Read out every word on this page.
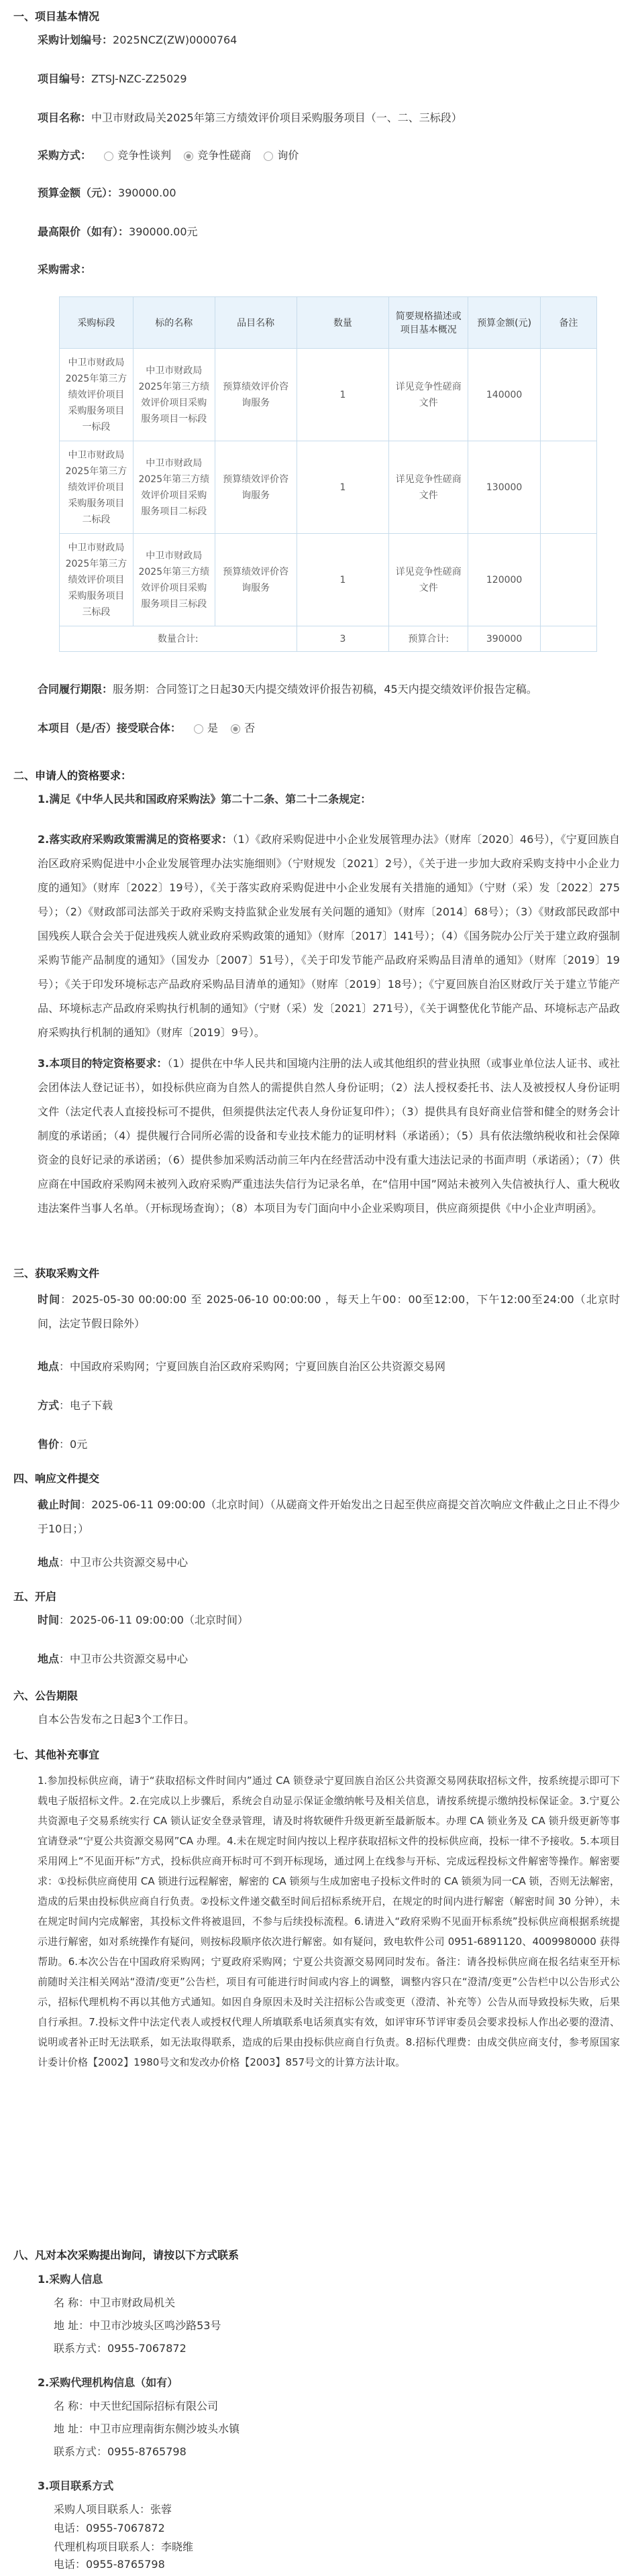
一、项目基本情况
采购计划编号：2025NCZ(ZW)0000764
项目编号：ZTSJ-NZC-Z25029
项目名称：中卫市财政局关2025年第三方绩效评价项目采购服务项目（一、二、三标段）
采购方式： 竞争性谈判 竞争性磋商 询价
预算金额（元）：390000.00
最高限价（如有）：390000.00元
采购需求：
采购标段	标的名称	品目名称	数量	简要规格描述或项目基本概况	预算金额(元)	备注
中卫市财政局2025年第三方绩效评价项目采购服务项目一标段	中卫市财政局2025年第三方绩效评价项目采购服务项目一标段	预算绩效评价咨询服务	1	详见竞争性磋商文件	140000	
中卫市财政局2025年第三方绩效评价项目采购服务项目二标段	中卫市财政局2025年第三方绩效评价项目采购服务项目二标段	预算绩效评价咨询服务	1	详见竞争性磋商文件	130000	
中卫市财政局2025年第三方绩效评价项目采购服务项目三标段	中卫市财政局2025年第三方绩效评价项目采购服务项目三标段	预算绩效评价咨询服务	1	详见竞争性磋商文件	120000	
数量合计:			3	预算合计:	390000	
合同履行期限：服务期：合同签订之日起30天内提交绩效评价报告初稿，45天内提交绩效评价报告定稿。
本项目（是/否）接受联合体： 是 否
二、申请人的资格要求：
1.满足《中华人民共和国政府采购法》第二十二条、第二十二条规定：
2.落实政府采购政策需满足的资格要求：（1）《政府采购促进中小企业发展管理办法》（财库〔2020〕46号），《宁夏回族自治区政府采购促进中小企业发展管理办法实施细则》（宁财规发〔2021〕2号），《关于进一步加大政府采购支持中小企业力度的通知》（财库〔2022〕19号），《关于落实政府采购促进中小企业发展有关措施的通知》（宁财（采）发〔2022〕275号）；（2）《财政部司法部关于政府采购支持监狱企业发展有关问题的通知》（财库〔2014〕68号）；（3）《财政部民政部中国残疾人联合会关于促进残疾人就业政府采购政策的通知》（财库〔2017〕141号）；（4）《国务院办公厅关于建立政府强制采购节能产品制度的通知》（国发办〔2007〕51号），《关于印发节能产品政府采购品目清单的通知》（财库〔2019〕19号）；《关于印发环境标志产品政府采购品目清单的通知》（财库〔2019〕18号）；《宁夏回族自治区财政厅关于建立节能产品、环境标志产品政府采购执行机制的通知》（宁财（采）发〔2021〕271号），《关于调整优化节能产品、环境标志产品政府采购执行机制的通知》（财库〔2019〕9号）。
3.本项目的特定资格要求：（1）提供在中华人民共和国境内注册的法人或其他组织的营业执照（或事业单位法人证书、或社会团体法人登记证书），如投标供应商为自然人的需提供自然人身份证明；（2）法人授权委托书、法人及被授权人身份证明文件（法定代表人直接投标可不提供，但须提供法定代表人身份证复印件）；（3）提供具有良好商业信誉和健全的财务会计制度的承诺函；（4）提供履行合同所必需的设备和专业技术能力的证明材料（承诺函）；（5）具有依法缴纳税收和社会保障资金的良好记录的承诺函；（6）提供参加采购活动前三年内在经营活动中没有重大违法记录的书面声明（承诺函）；（7）供应商在中国政府采购网未被列入政府采购严重违法失信行为记录名单，在“信用中国”网站未被列入失信被执行人、重大税收违法案件当事人名单。（开标现场查询）；（8）本项目为专门面向中小企业采购项目，供应商须提供《中小企业声明函》。
三、获取采购文件
时间：2025-05-30 00:00:00 至 2025-06-10 00:00:00 ，每天上午00：00至12:00，下午12:00至24:00（北京时间，法定节假日除外）
地点：中国政府采购网；宁夏回族自治区政府采购网；宁夏回族自治区公共资源交易网
方式：电子下载
售价：0元
四、响应文件提交
截止时间：2025-06-11 09:00:00（北京时间）（从磋商文件开始发出之日起至供应商提交首次响应文件截止之日止不得少于10日；）
地点：中卫市公共资源交易中心
五、开启
时间：2025-06-11 09:00:00（北京时间）
地点：中卫市公共资源交易中心
六、公告期限
自本公告发布之日起3个工作日。
七、其他补充事宜
1.参加投标供应商，请于“获取招标文件时间内”通过 CA 锁登录宁夏回族自治区公共资源交易网获取招标文件，按系统提示即可下载电子版招标文件。2.在完成以上步骤后，系统会自动显示保证金缴纳帐号及相关信息，请按系统提示缴纳投标保证金。3.宁夏公共资源电子交易系统实行 CA 锁认证安全登录管理，请及时将软硬件升级更新至最新版本。办理 CA 锁业务及 CA 锁升级更新等事宜请登录“宁夏公共资源交易网”CA 办理。4.未在规定时间内按以上程序获取招标文件的投标供应商，投标一律不予接收。5.本项目采用网上“不见面开标”方式，投标供应商开标时可不到开标现场，通过网上在线参与开标、完成远程投标文件解密等操作。解密要求：①投标供应商使用 CA 锁进行远程解密，解密的 CA 锁须与生成加密电子投标文件时的 CA 锁须为同一CA 锁，否则无法解密，造成的后果由投标供应商自行负责。②投标文件递交截至时间后招标系统开启，在规定的时间内进行解密（解密时间 30 分钟），未在规定时间内完成解密，其投标文件将被退回，不参与后续投标流程。6.请进入“政府采购不见面开标系统”投标供应商根据系统提示进行解密，如对系统操作有疑问，则按标段顺序依次进行解密。如有疑问，致电软件公司 0951-6891120、4009980000 获得帮助。6.本次公告在中国政府采购网；宁夏政府采购网；宁夏公共资源交易网同时发布。备注：请各投标供应商在报名结束至开标前随时关注相关网站“澄清/变更”公告栏，项目有可能进行时间或内容上的调整，调整内容只在“澄清/变更”公告栏中以公告形式公示，招标代理机构不再以其他方式通知。如因自身原因未及时关注招标公告或变更（澄清、补充等）公告从而导致投标失败，后果自行承担。7.投标文件中法定代表人或授权代理人所填联系电话须真实有效，如评审环节评审委员会要求投标人作出必要的澄清、说明或者补正时无法联系，如无法取得联系，造成的后果由投标供应商自行负责。8.招标代理费：由成交供应商支付，参考原国家计委计价格【2002】1980号文和发改办价格【2003】857号文的计算方法计取。
八、凡对本次采购提出询问，请按以下方式联系
1.采购人信息
名 称：中卫市财政局机关
地 址：中卫市沙坡头区鸣沙路53号
联系方式：0955-7067872
2.采购代理机构信息（如有）
名 称：中天世纪国际招标有限公司
地 址：中卫市应理南街东侧沙坡头水镇
联系方式：0955-8765798
3.项目联系方式
采购人项目联系人：张蓉
电话：0955-7067872
代理机构项目联系人：李晓维
电话：0955-8765798
